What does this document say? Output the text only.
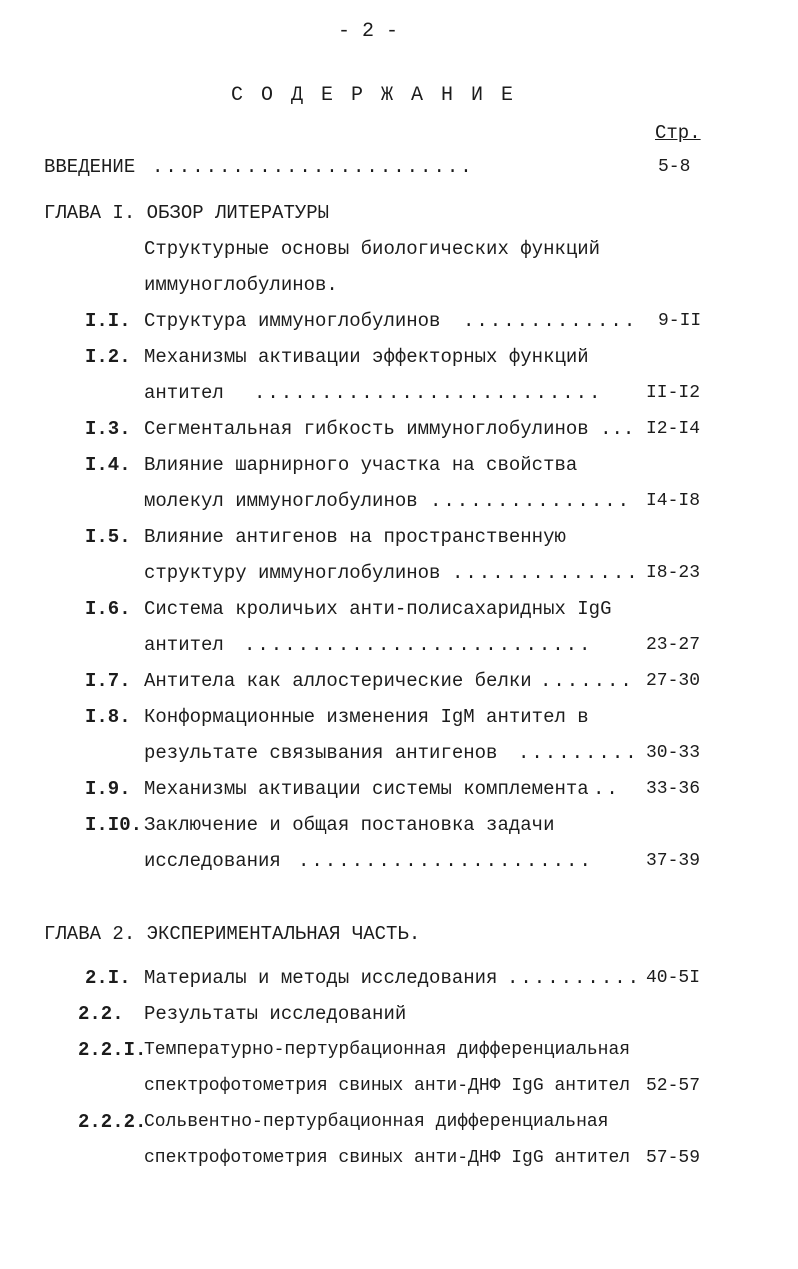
- 2 -
С О Д Е Р Ж А Н И Е
Стр.
ВВЕДЕНИЕ ........................	5-8
ГЛАВА I. ОБЗОР ЛИТЕРАТУРЫ
Структурные основы биологических функций
иммуноглобулинов.
I.I. Структура иммуноглобулинов ............. 9-II
I.2. Механизмы активации эффекторных функций
антител .......................... II-I2
I.3. Сегментальная гибкость иммуноглобулинов ... I2-I4
I.4. Влияние шарнирного участка на свойства
молекул иммуноглобулинов ............... I4-I8
I.5. Влияние антигенов на пространственную
структуру иммуноглобулинов .............. I8-23
I.6. Система кроличьих анти-полисахаридных IgG
антител ..........................	23-27
I.7. Антитела как аллостерические белки ....... 27-30
I.8. Конформационные изменения IgM антител в
результате связывания антигенов ......... 30-33
I.9. Механизмы активации системы комплемента .. 33-36
I.I0. Заключение и общая постановка задачи
исследования ......................	37-39
ГЛАВА 2. ЭКСПЕРИМЕНТАЛЬНАЯ ЧАСТЬ.
2.I. Материалы и методы исследования .......... 40-5I
2.2. Результаты исследований
2.2.I.
Температурно-пертурбационная дифференциальная
спектрофотометрия свиных анти-ДНФ IgG антител 52-57
2.2.2.
Сольвентно-пертурбационная дифференциальная
спектрофотометрия свиных анти-ДНФ IgG антител 57-59
